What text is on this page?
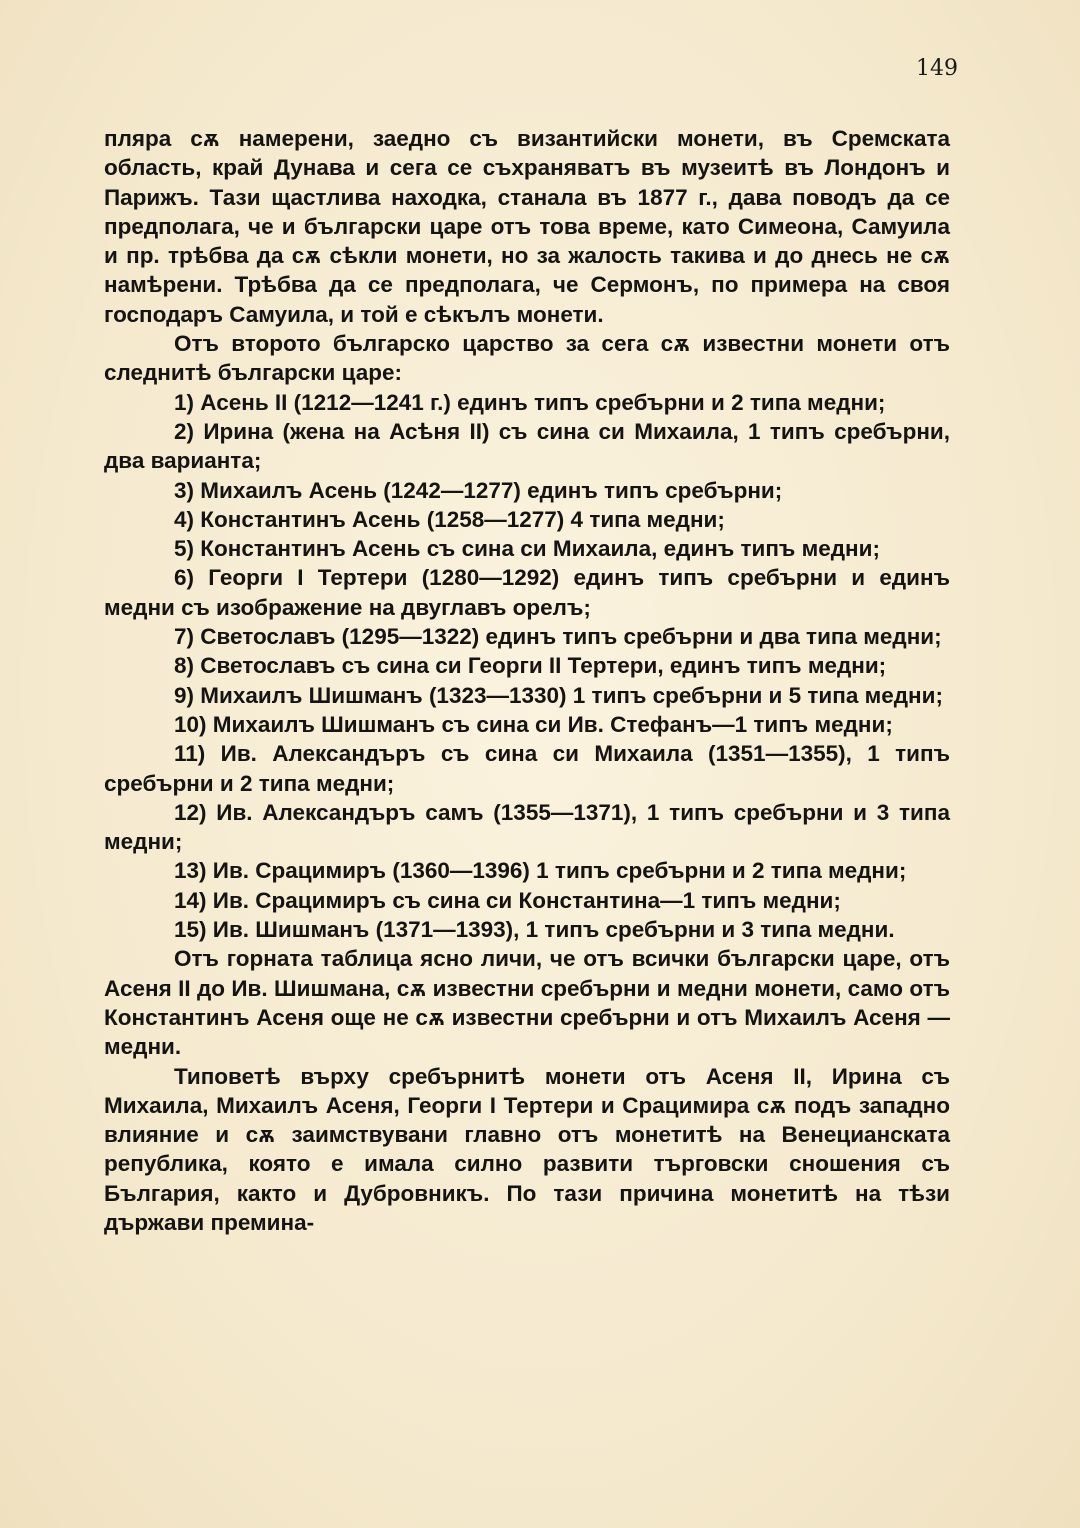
149

пляра сѫ намерени, заедно съ византийски монети, въ Сремската область, край Дунава и сега се съхраняватъ въ музеитѣ въ Лондонъ и Парижъ. Тази щастлива находка, станала въ 1877 г., дава поводъ да се предполага, че и български царе отъ това време, като Симеона, Самуила и пр. трѣбва да сѫ сѣкли монети, но за жалость такива и до днесь не сѫ намѣрени. Трѣбва да се предполага, че Сермонъ, по примера на своя господаръ Самуила, и той е сѣкълъ монети.

Отъ второто българско царство за сега сѫ известни монети отъ следнитѣ български царе:

1) Асень II (1212—1241 г.) единъ типъ сребърни и 2 типа медни;
2) Ирина (жена на Асѣня II) съ сина си Михаила, 1 типъ сребърни, два варианта;
3) Михаилъ Асень (1242—1277) единъ типъ сребърни;
4) Константинъ Асень (1258—1277) 4 типа медни;
5) Константинъ Асень съ сина си Михаила, единъ типъ медни;
6) Георги I Тертери (1280—1292) единъ типъ сребърни и единъ медни съ изображение на двуглавъ орелъ;
7) Светославъ (1295—1322) единъ типъ сребърни и два типа медни;
8) Светославъ съ сина си Георги II Тертери, единъ типъ медни;
9) Михаилъ Шишманъ (1323—1330) 1 типъ сребърни и 5 типа медни;
10) Михаилъ Шишманъ съ сина си Ив. Стефанъ—1 типъ медни;
11) Ив. Александъръ съ сина си Михаила (1351—1355), 1 типъ сребърни и 2 типа медни;
12) Ив. Александъръ самъ (1355—1371), 1 типъ сребърни и 3 типа медни;
13) Ив. Срацимиръ (1360—1396) 1 типъ сребърни и 2 типа медни;
14) Ив. Срацимиръ съ сина си Константина—1 типъ медни;
15) Ив. Шишманъ (1371—1393), 1 типъ сребърни и 3 типа медни.

Отъ горната таблица ясно личи, че отъ всички български царе, отъ Асеня II до Ив. Шишмана, сѫ известни сребърни и медни монети, само отъ Константинъ Асеня още не сѫ известни сребърни и отъ Михаилъ Асеня — медни.

Типоветѣ върху сребърнитѣ монети отъ Асеня II, Ирина съ Михаила, Михаилъ Асеня, Георги I Тертери и Срацимира сѫ подъ западно влияние и сѫ заимствувани главно отъ монетитѣ на Венецианската република, която е имала силно развити търговски сношения съ България, както и Дубровникъ. По тази причина монетитѣ на тѣзи държави премина-
